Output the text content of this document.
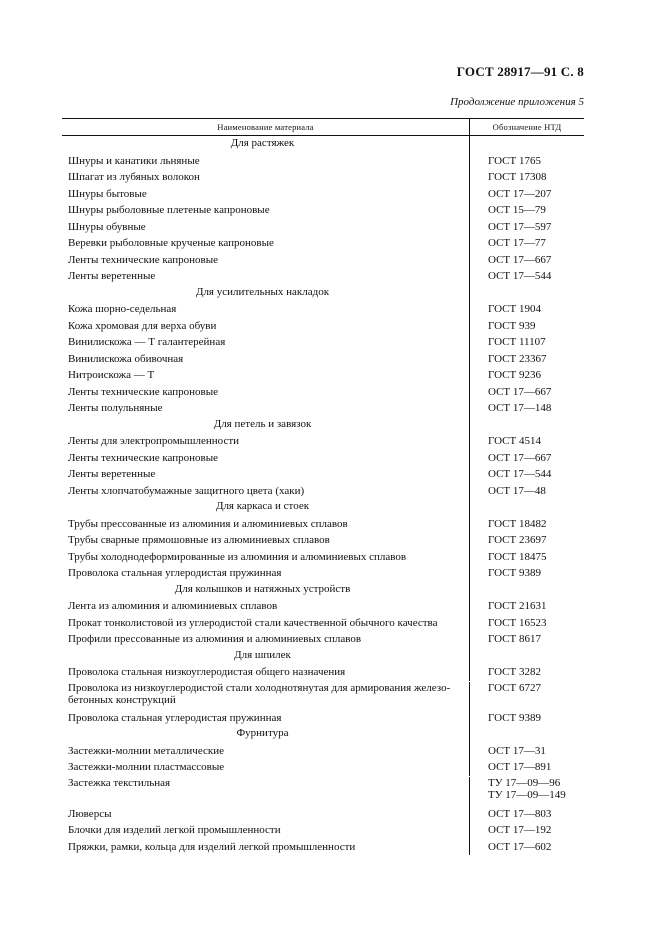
ГОСТ 28917—91 С. 8
Продолжение приложения 5
Наименование материала	Обозначение НТД
Для растяжек
Шнуры и канатики льняные	ГОСТ 1765
Шпагат из лубяных волокон	ГОСТ 17308
Шнуры бытовые	ОСТ 17—207
Шнуры рыболовные плетеные капроновые	ОСТ 15—79
Шнуры обувные	ОСТ 17—597
Веревки рыболовные крученые капроновые	ОСТ 17—77
Ленты технические капроновые	ОСТ 17—667
Ленты веретенные	ОСТ 17—544
Для усилительных накладок
Кожа шорно-седельная	ГОСТ 1904
Кожа хромовая для верха обуви	ГОСТ 939
Винилискожа — Т галантерейная	ГОСТ 11107
Винилискожа обивочная	ГОСТ 23367
Нитроискожа — Т	ГОСТ 9236
Ленты технические капроновые	ОСТ 17—667
Ленты полульняные	ОСТ 17—148
Для петель и завязок
Ленты для электропромышленности	ГОСТ 4514
Ленты технические капроновые	ОСТ 17—667
Ленты веретенные	ОСТ 17—544
Ленты хлопчатобумажные защитного цвета (хаки)	ОСТ 17—48
Для каркаса и стоек
Трубы прессованные из алюминия и алюминиевых сплавов	ГОСТ 18482
Трубы сварные прямошовные из алюминиевых сплавов	ГОСТ 23697
Трубы холоднодеформированные из алюминия и алюминиевых сплавов	ГОСТ 18475
Проволока стальная углеродистая пружинная	ГОСТ 9389
Для колышков и натяжных устройств
Лента из алюминия и алюминиевых сплавов	ГОСТ 21631
Прокат тонколистовой из углеродистой стали качественной обычного качества	ГОСТ 16523
Профили прессованные из алюминия и алюминиевых сплавов	ГОСТ 8617
Для шпилек
Проволока стальная низкоуглеродистая общего назначения	ГОСТ 3282
Проволока из низкоуглеродистой стали холоднотянутая для армирования железо-
бетонных конструкций
ГОСТ 6727
Проволока стальная углеродистая пружинная	ГОСТ 9389
Фурнитура
Застежки-молнии металлические	ОСТ 17—31
Застежки-молнии пластмассовые	ОСТ 17—891
Застежка текстильная	ТУ 17—09—96
ТУ 17—09—149
Люверсы	ОСТ 17—803
Блочки для изделий легкой промышленности	ОСТ 17—192
Пряжки, рамки, кольца для изделий легкой промышленности	ОСТ 17—602
